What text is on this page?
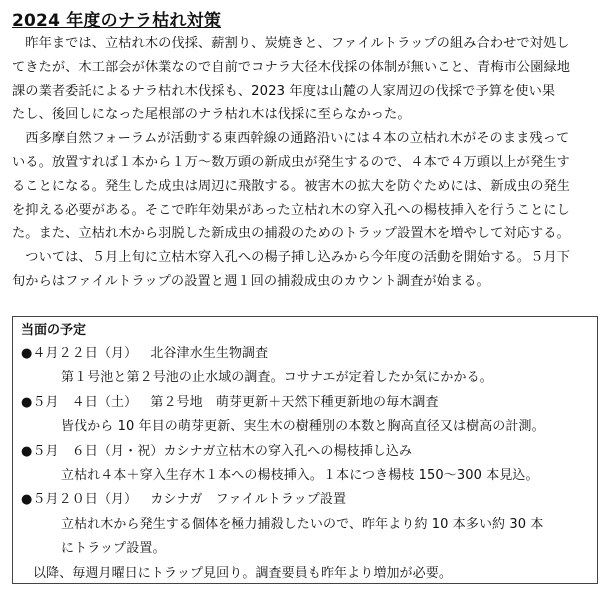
2024 年度のナラ枯れ対策
　昨年までは、立枯れ木の伐採、薪割り、炭焼きと、ファイルトラップの組み合わせで対処し
てきたが、木工部会が休業なので自前でコナラ大径木伐採の体制が無いこと、青梅市公園緑地
課の業者委託によるナラ枯れ木伐採も、2023 年度は山麓の人家周辺の伐採で予算を使い果
たし、後回しになった尾根部のナラ枯れ木は伐採に至らなかった。
　西多摩自然フォーラムが活動する東西幹線の通路沿いには４本の立枯れ木がそのまま残って
いる。放置すれば１本から１万～数万頭の新成虫が発生するので、４本で４万頭以上が発生す
ることになる。発生した成虫は周辺に飛散する。被害木の拡大を防ぐためには、新成虫の発生
を抑える必要がある。そこで昨年効果があった立枯れ木の穿入孔への楊枝挿入を行うことにし
た。また、立枯れ木から羽脱した新成虫の捕殺のためのトラップ設置木を増やして対応する。
　ついては、５月上旬に立枯木穿入孔への楊子挿し込みから今年度の活動を開始する。５月下
旬からはファイルトラップの設置と週１回の捕殺成虫のカウント調査が始まる。
当面の予定
●４月２２日（月） 　北谷津水生生物調査
第１号池と第２号池の止水域の調査。コサナエが定着したか気にかかる。
●５月　４日（土） 　第２号地　萌芽更新＋天然下種更新地の毎木調査
皆伐から 10 年目の萌芽更新、実生木の樹種別の本数と胸高直径又は樹高の計測。
●５月　６日（月・祝） カシナガ立枯木の穿入孔への楊枝挿し込み
立枯れ４本＋穿入生存木１本への楊枝挿入。１本につき楊枝 150～300 本見込。
●５月２０日（月） 　カシナガ　ファイルトラップ設置
立枯れ木から発生する個体を極力捕殺したいので、昨年より約 10 本多い約 30 本
にトラップ設置。
以降、毎週月曜日にトラップ見回り。調査要員も昨年より増加が必要。
